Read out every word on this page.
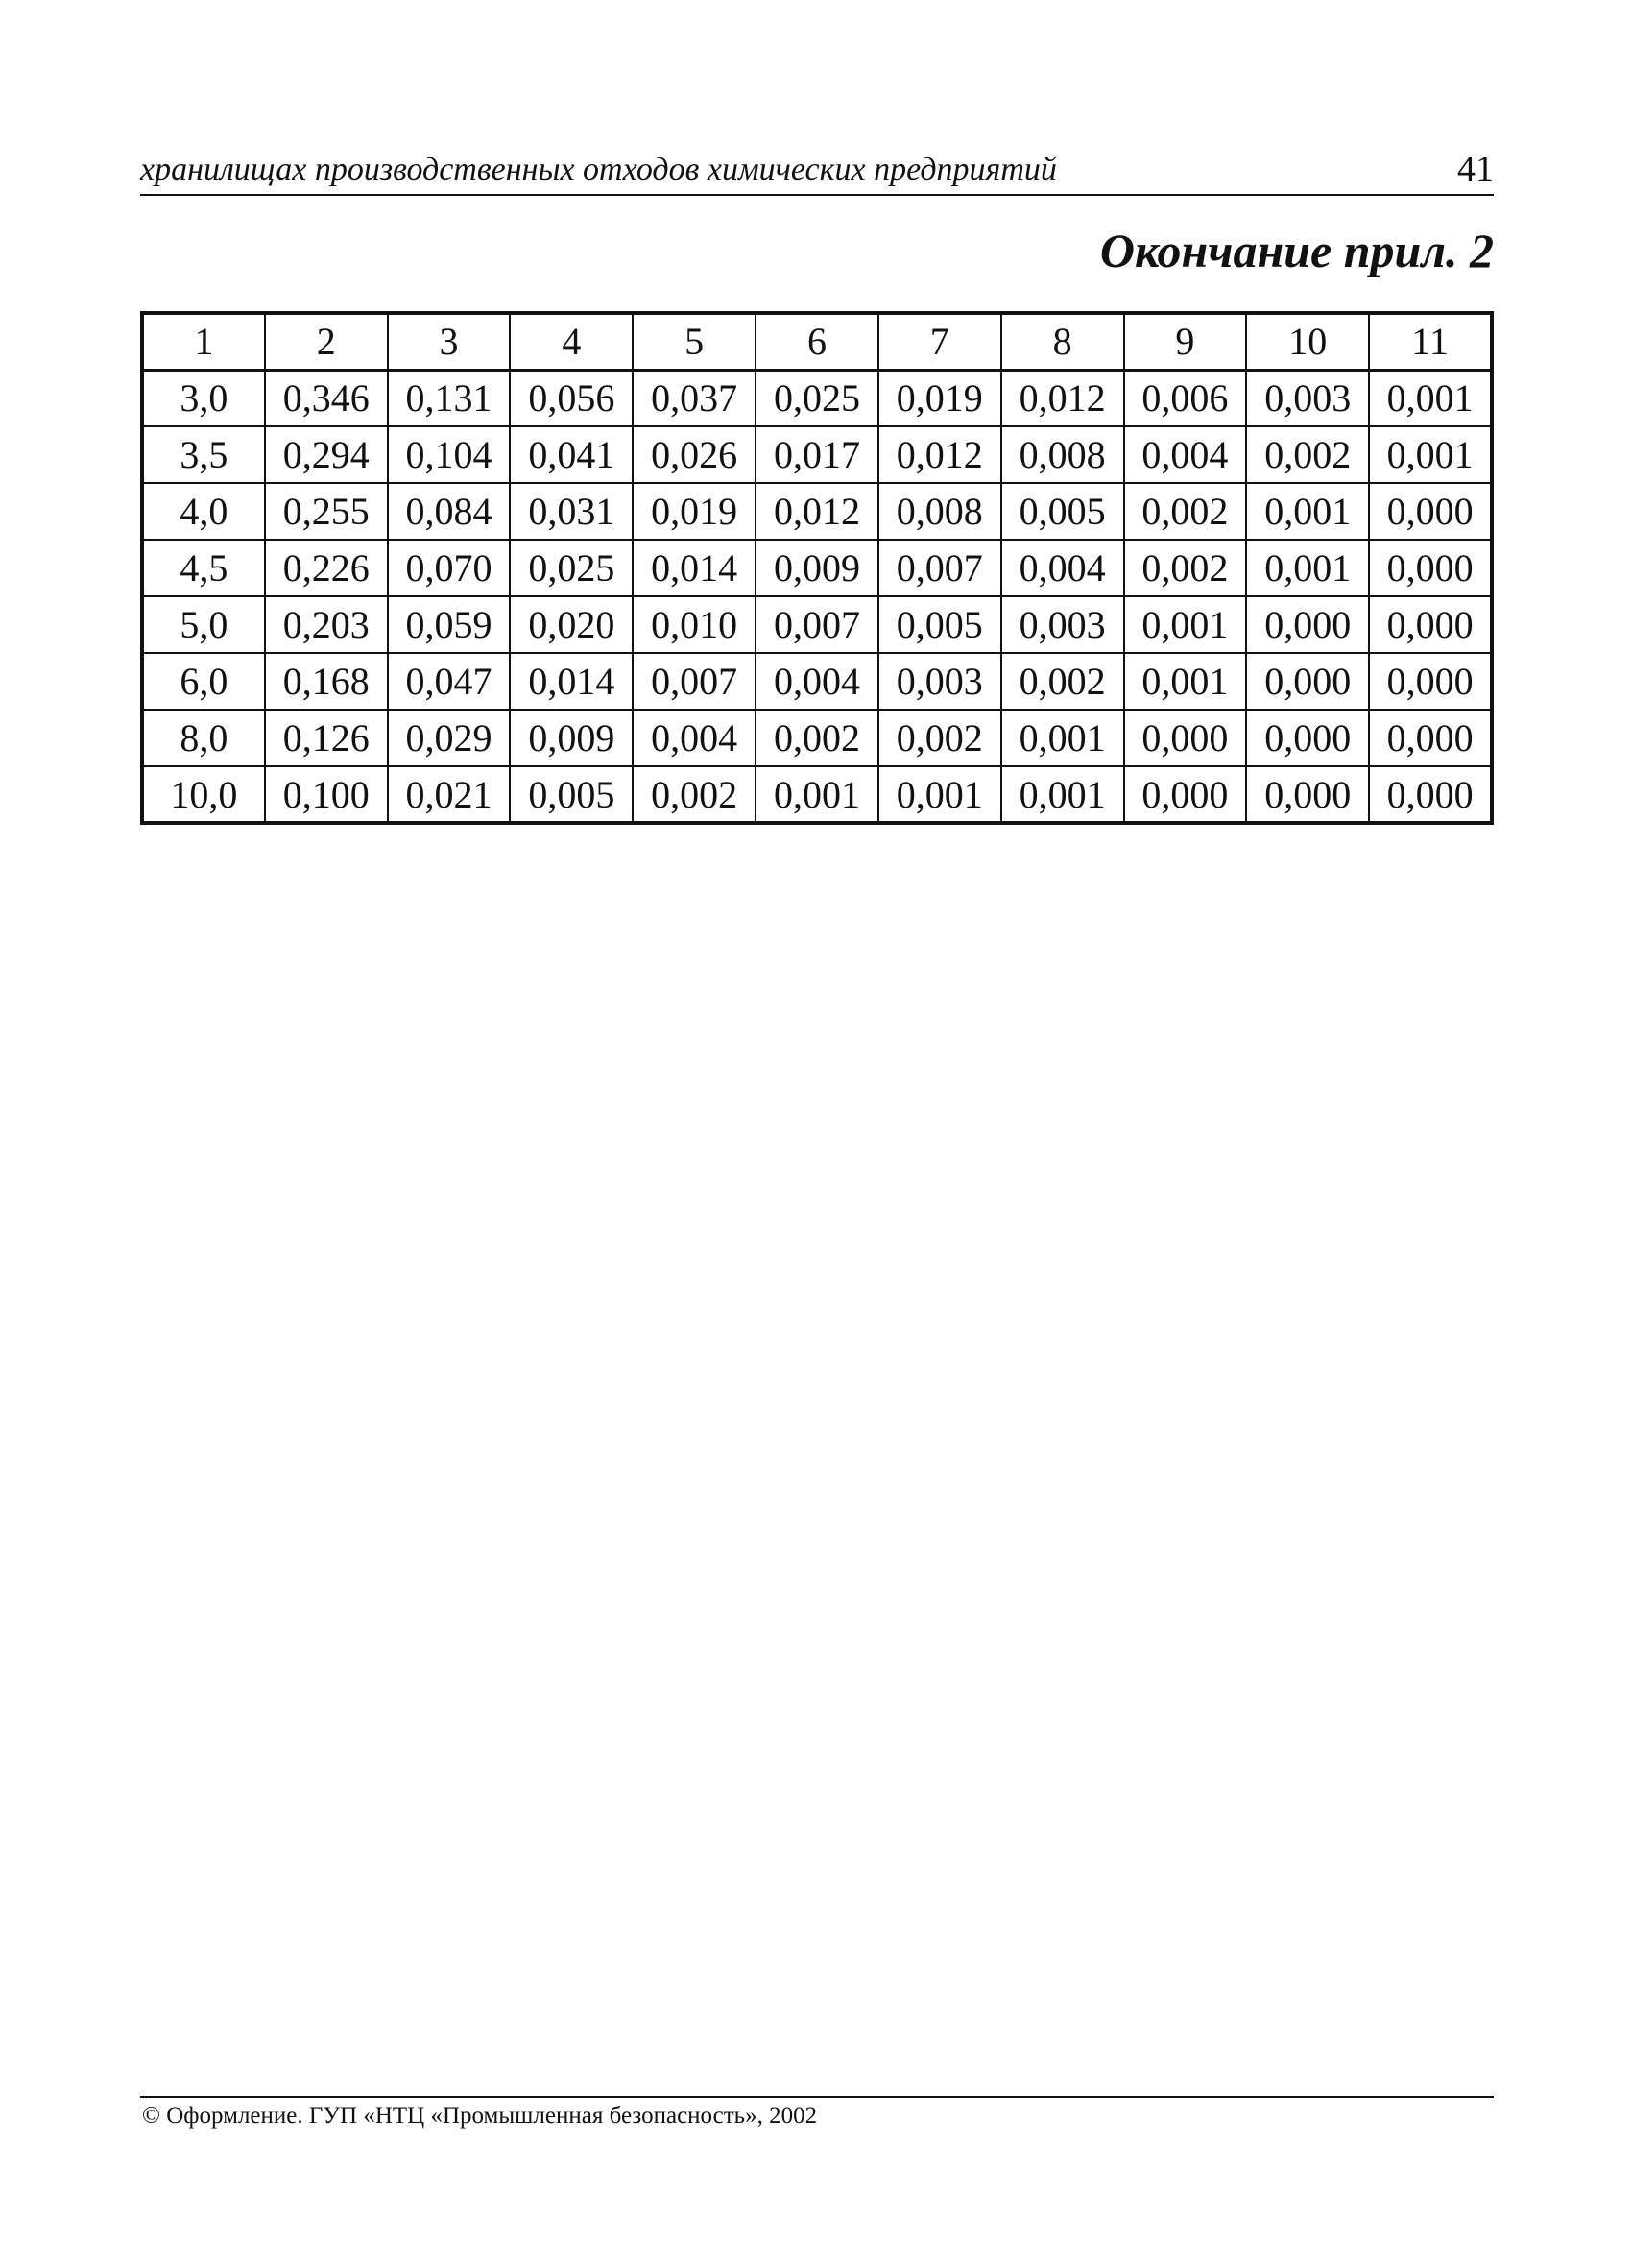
хранилищах производственных отходов химических предприятий	41
Окончание прил. 2
1	2	3	4	5	6	7	8	9	10	11
3,0	0,346	0,131	0,056	0,037	0,025	0,019	0,012	0,006	0,003	0,001
3,5	0,294	0,104	0,041	0,026	0,017	0,012	0,008	0,004	0,002	0,001
4,0	0,255	0,084	0,031	0,019	0,012	0,008	0,005	0,002	0,001	0,000
4,5	0,226	0,070	0,025	0,014	0,009	0,007	0,004	0,002	0,001	0,000
5,0	0,203	0,059	0,020	0,010	0,007	0,005	0,003	0,001	0,000	0,000
6,0	0,168	0,047	0,014	0,007	0,004	0,003	0,002	0,001	0,000	0,000
8,0	0,126	0,029	0,009	0,004	0,002	0,002	0,001	0,000	0,000	0,000
10,0	0,100	0,021	0,005	0,002	0,001	0,001	0,001	0,000	0,000	0,000
© Оформление. ГУП «НТЦ «Промышленная безопасность», 2002
